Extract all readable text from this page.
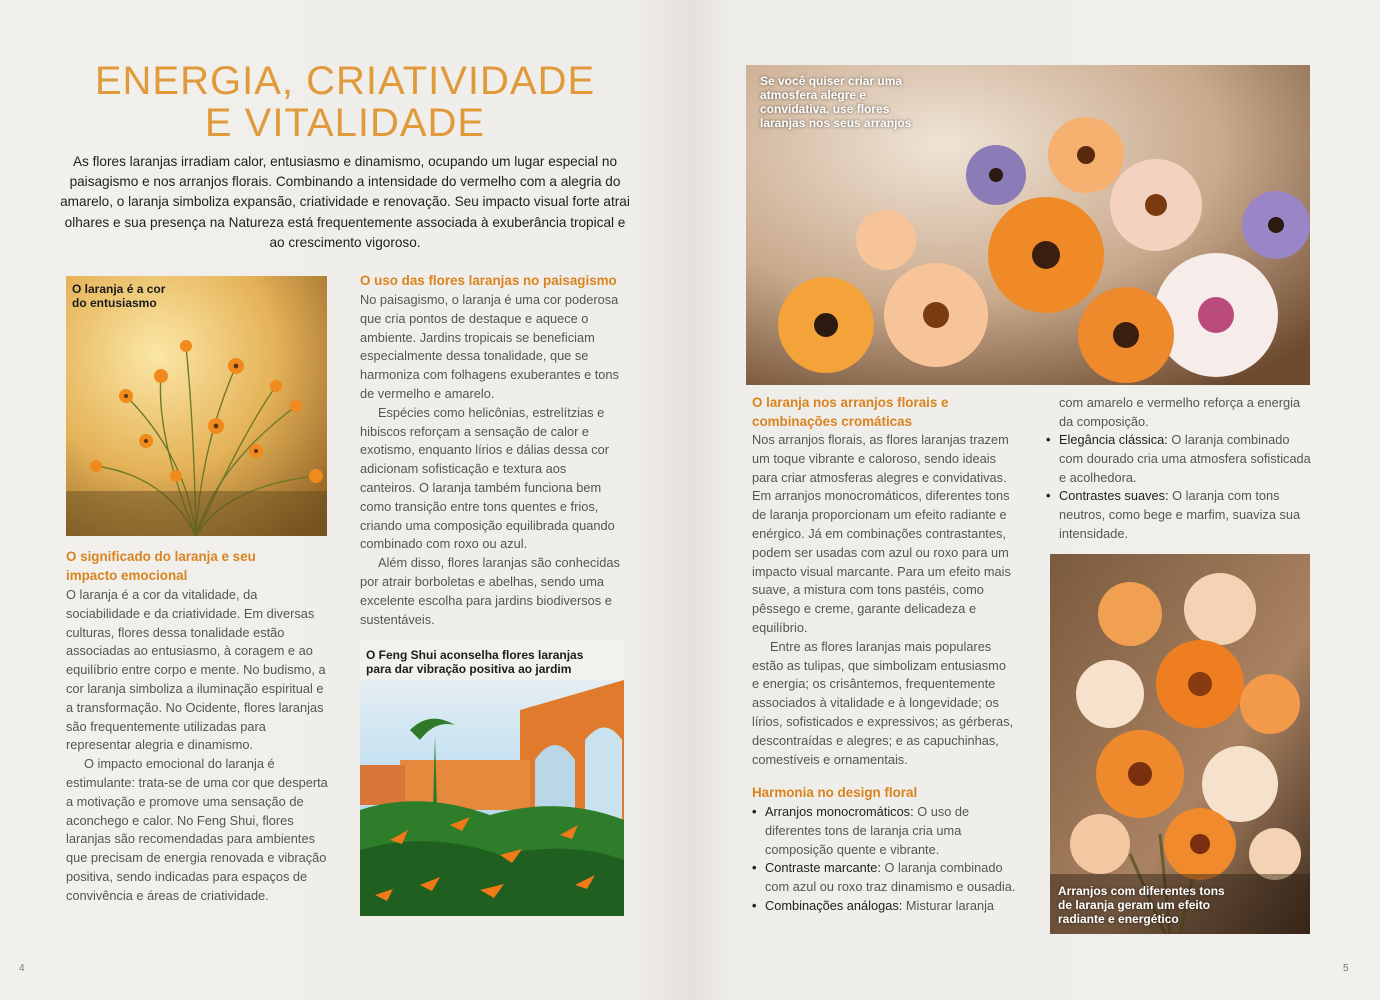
ENERGIA, CRIATIVIDADE
E VITALIDADE

As flores laranjas irradiam calor, entusiasmo e dinamismo, ocupando um lugar especial no paisagismo e nos arranjos florais. Combinando a intensidade do vermelho com a alegria do amarelo, o laranja simboliza expansão, criatividade e renovação. Seu impacto visual forte atrai olhares e sua presença na Natureza está frequentemente associada à exuberância tropical e ao crescimento vigoroso.

O laranja é a cor do entusiasmo
O significado do laranja e seu impacto emocional

O laranja é a cor da vitalidade, da sociabilidade e da criatividade. Em diversas culturas, flores dessa tonalidade estão associadas ao entusiasmo, à coragem e ao equilíbrio entre corpo e mente. No budismo, a cor laranja simboliza a iluminação espiritual e a transformação. No Ocidente, flores laranjas são frequentemente utilizadas para representar alegria e dinamismo.

O impacto emocional do laranja é estimulante: trata-se de uma cor que desperta a motivação e promove uma sensação de aconchego e calor. No Feng Shui, flores laranjas são recomendadas para ambientes que precisam de energia renovada e vibração positiva, sendo indicadas para espaços de convivência e áreas de criatividade.

O uso das flores laranjas no paisagismo

No paisagismo, o laranja é uma cor poderosa que cria pontos de destaque e aquece o ambiente. Jardins tropicais se beneficiam especialmente dessa tonalidade, que se harmoniza com folhagens exuberantes e tons de vermelho e amarelo.

Espécies como helicônias, estrelítzias e hibiscos reforçam a sensação de calor e exotismo, enquanto lírios e dálias dessa cor adicionam sofisticação e textura aos canteiros. O laranja também funciona bem como transição entre tons quentes e frios, criando uma composição equilibrada quando combinado com roxo ou azul.

Além disso, flores laranjas são conhecidas por atrair borboletas e abelhas, sendo uma excelente escolha para jardins biodiversos e sustentáveis.

O Feng Shui aconselha flores laranjas para dar vibração positiva ao jardim
4
Se você quiser criar uma atmosfera alegre e convidativa, use flores laranjas nos seus arranjos
O laranja nos arranjos florais e combinações cromáticas

Nos arranjos florais, as flores laranjas trazem um toque vibrante e caloroso, sendo ideais para criar atmosferas alegres e convidativas. Em arranjos monocromáticos, diferentes tons de laranja proporcionam um efeito radiante e enérgico. Já em combinações contrastantes, podem ser usadas com azul ou roxo para um impacto visual marcante. Para um efeito mais suave, a mistura com tons pastéis, como pêssego e creme, garante delicadeza e equilíbrio.

Entre as flores laranjas mais populares estão as tulipas, que simbolizam entusiasmo e energia; os crisântemos, frequentemente associados à vitalidade e à longevidade; os lírios, sofisticados e expressivos; as gérberas, descontraídas e alegres; e as capuchinhas, comestíveis e ornamentais.

Harmonia no design floral
• Arranjos monocromáticos: O uso de diferentes tons de laranja cria uma composição quente e vibrante.
• Contraste marcante: O laranja combinado com azul ou roxo traz dinamismo e ousadia.
• Combinações análogas: Misturar laranja

com amarelo e vermelho reforça a energia da composição.

• Elegância clássica: O laranja combinado com dourado cria uma atmosfera sofisticada e acolhedora.
• Contrastes suaves: O laranja com tons neutros, como bege e marfim, suaviza sua intensidade.
Arranjos com diferentes tons de laranja geram um efeito radiante e energético
5
